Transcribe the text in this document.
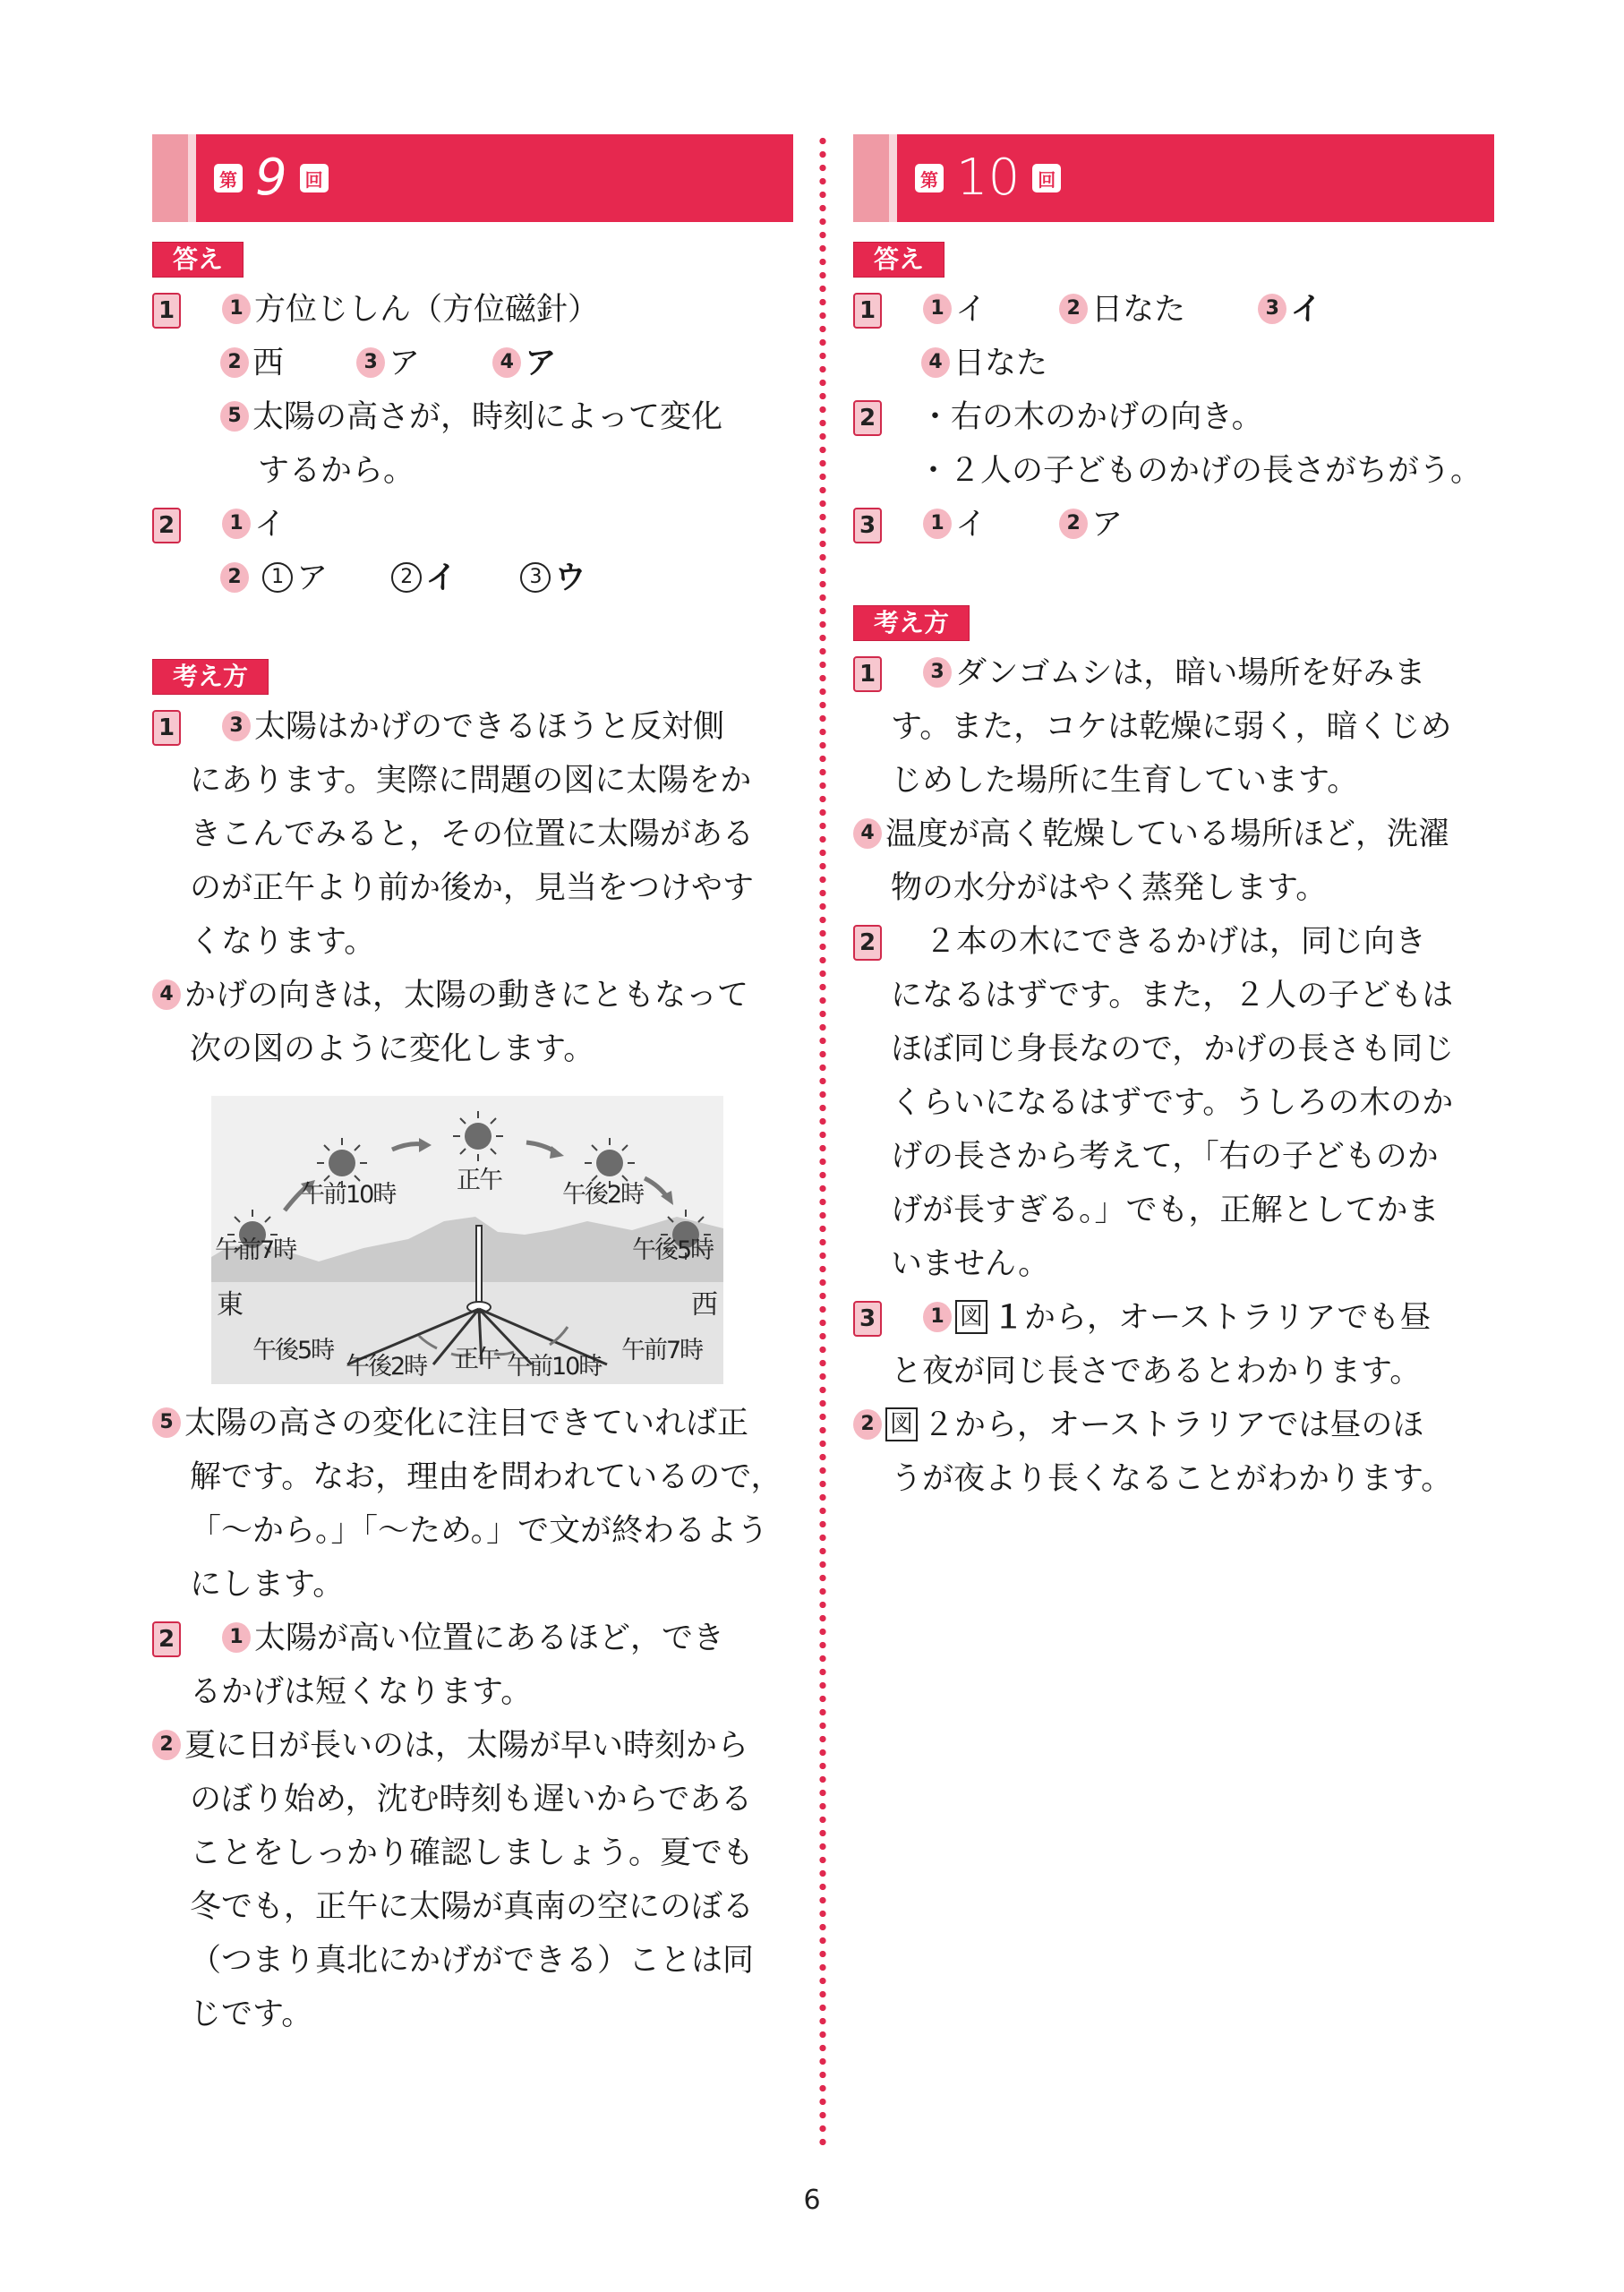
第 9	回
答え
1	1 方位じしん（方位磁針）
2 西	3 ア	4 ア
5 太陽の高さが，時刻によって変化
するから。
2	1 イ
2 1 ア	2 イ	3 ウ
考え方
1	3 太陽はかげのできるほうと反対側
にあります。実際に問題の図に太陽をか
きこんでみると，その位置に太陽がある
のが正午より前か後か，見当をつけやす
くなります。
4 かげの向きは，太陽の動きにともなって
次の図のように変化します。
午前7時
午前10時
正午
午後2時
午後5時
東	西
午後5時
午後2時 正午 午前10時
午前7時
5 太陽の高さの変化に注目できていれば正
解です。なお，理由を問われているので，
「～から。」「～ため。」で文が終わるよう
にします。
2	1 太陽が高い位置にあるほど，でき
るかげは短くなります。
2 夏に日が長いのは，太陽が早い時刻から
のぼり始め，沈む時刻も遅いからである
ことをしっかり確認しましょう。夏でも
冬でも，正午に太陽が真南の空にのぼる
（つまり真北にかげができる）ことは同
じです。
第 10	回
答え
1	1 イ	2 日なた	3 イ
4 日なた
2	・右の木のかげの向き。
・２人の子どものかげの長さがちがう。
3	1 イ	2 ア
考え方
1	3 ダンゴムシは，暗い場所を好みま
す。また，コケは乾燥に弱く，暗くじめ
じめした場所に生育しています。
4 温度が高く乾燥している場所ほど，洗濯
物の水分がはやく蒸発します。
2	２本の木にできるかげは，同じ向き
になるはずです。また，２人の子どもは
ほぼ同じ身長なので，かげの長さも同じ
くらいになるはずです。うしろの木のか
げの長さから考えて，「右の子どものか
げが長すぎる。」でも，正解としてかま
いません。
3	1 図 １から，オーストラリアでも昼
と夜が同じ長さであるとわかります。
2 図 ２から，オーストラリアでは昼のほ
うが夜より長くなることがわかります。
6
